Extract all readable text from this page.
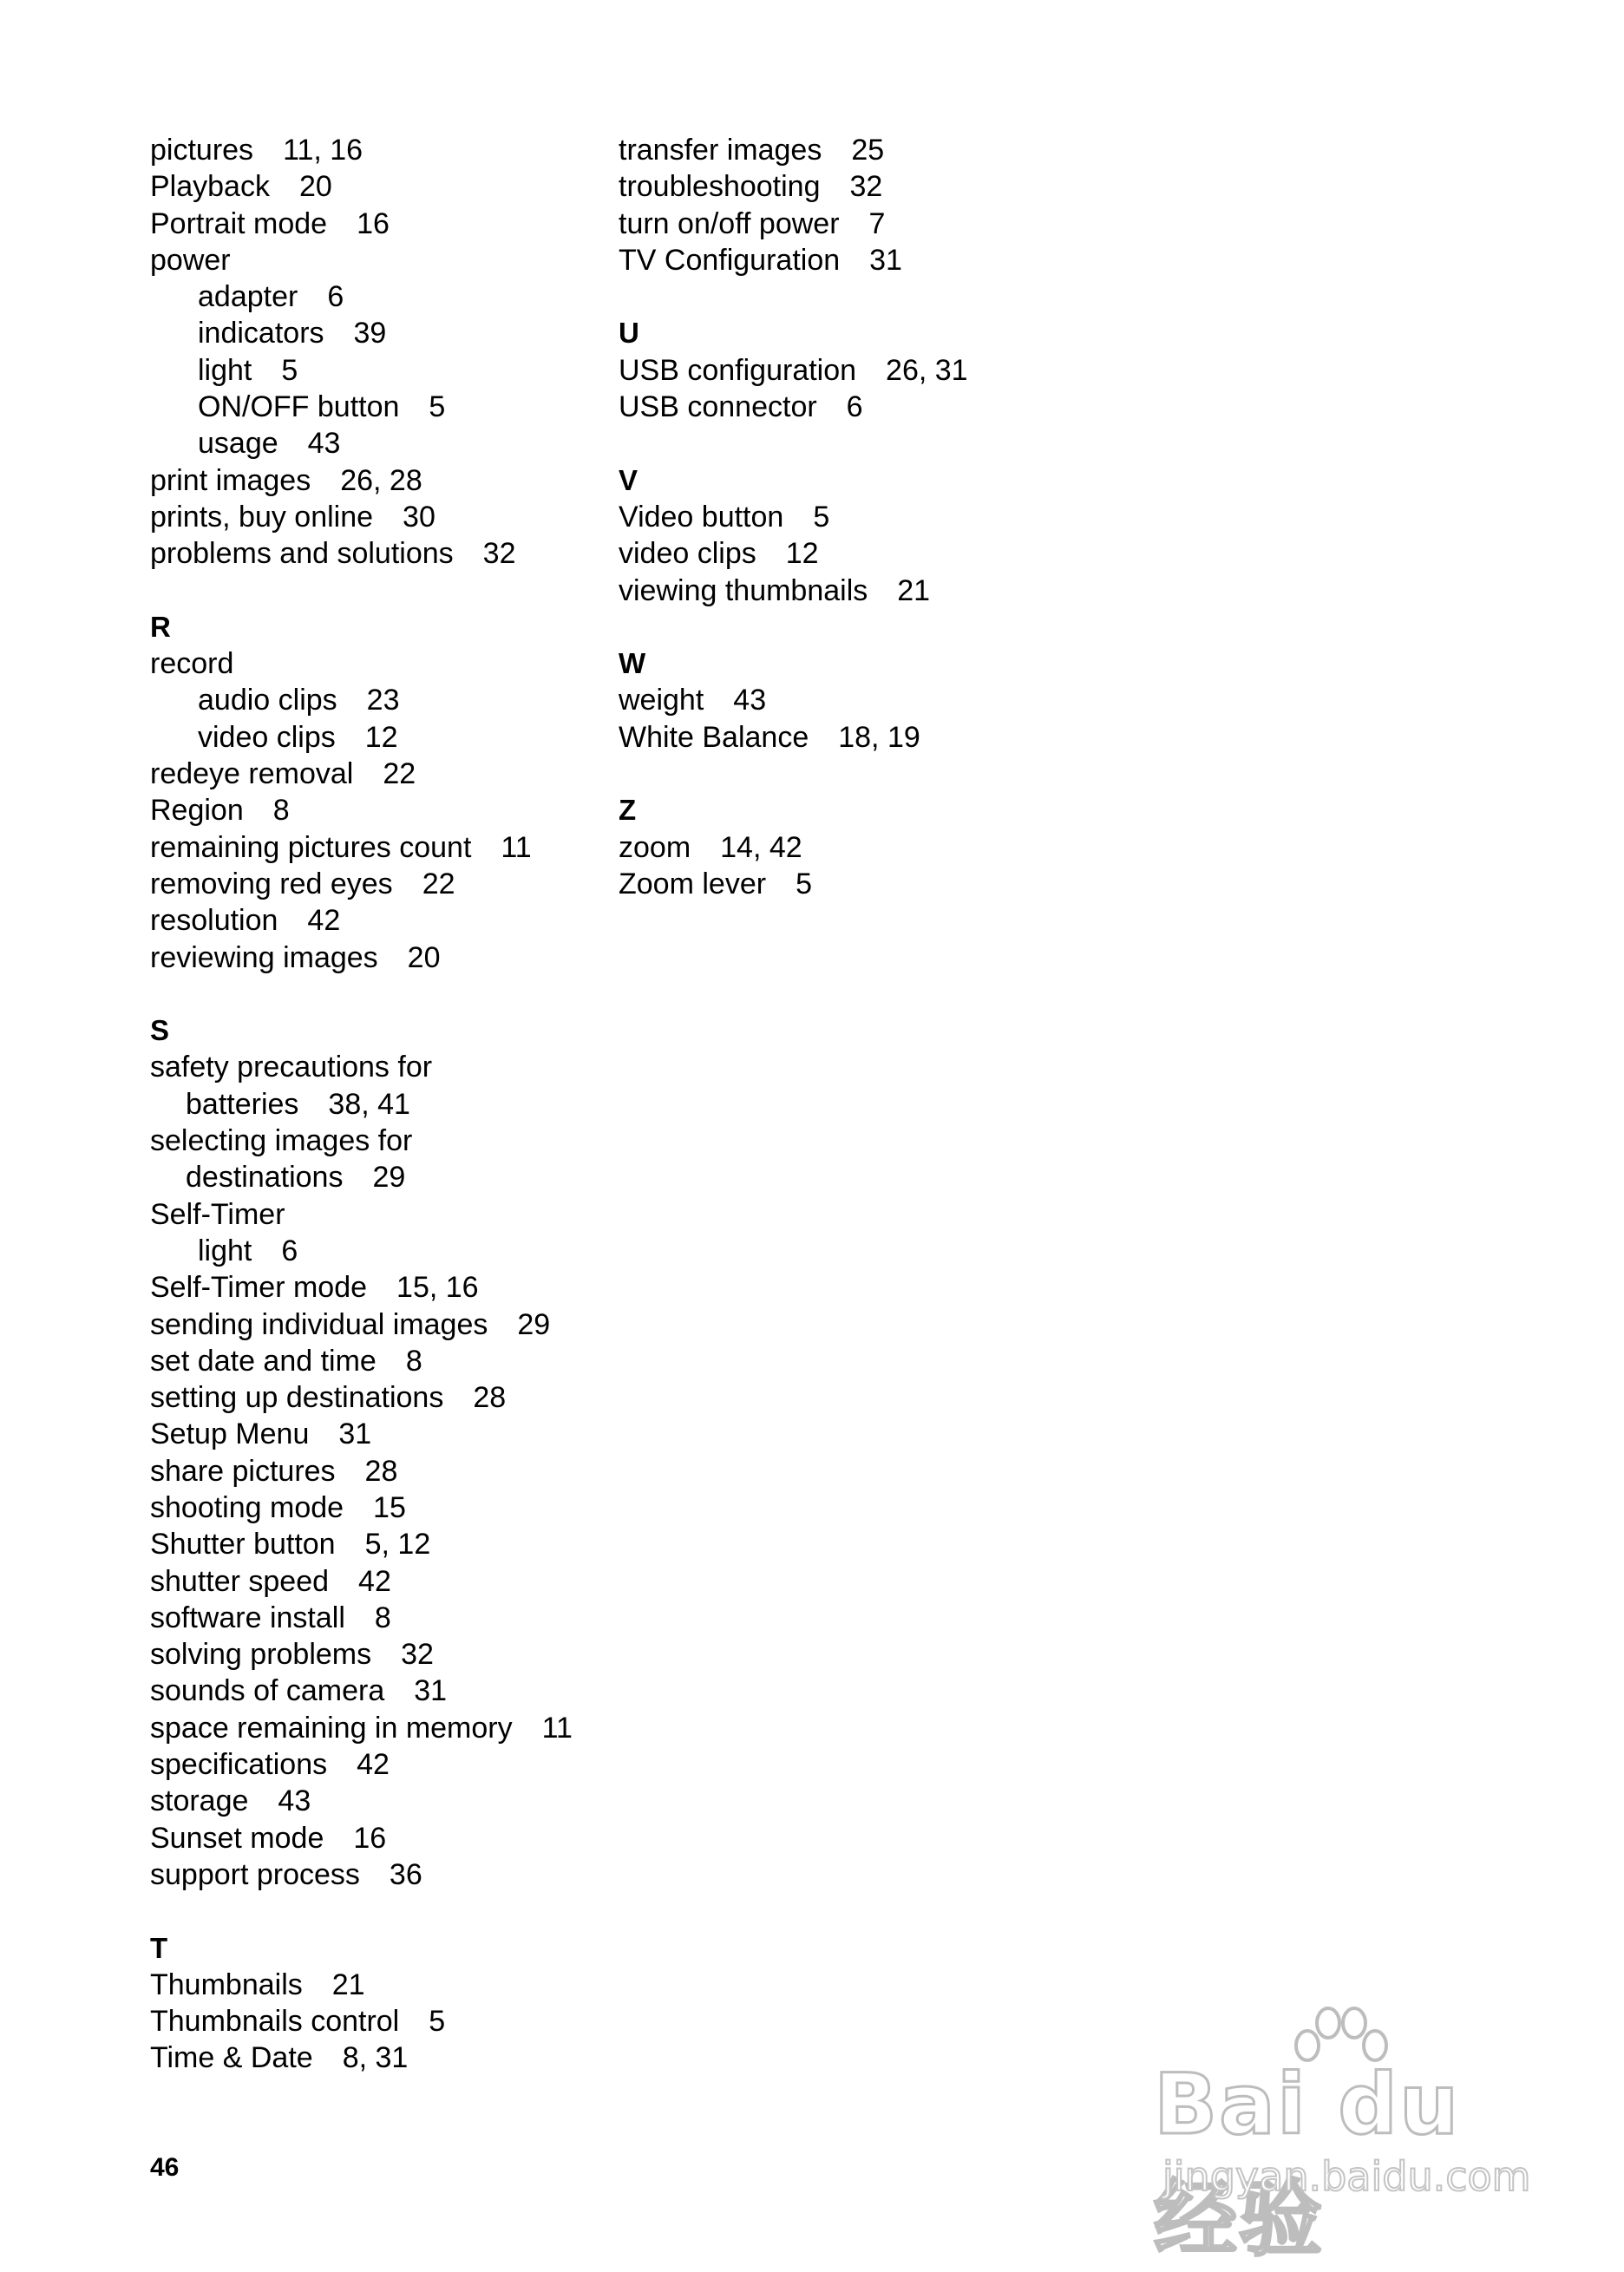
pictures 11, 16
Playback 20
Portrait mode 16
power
adapter 6
indicators 39
light 5
ON/OFF button 5
usage 43
print images 26, 28
prints, buy online 30
problems and solutions 32
R
record
audio clips 23
video clips 12
redeye removal 22
Region 8
remaining pictures count 11
removing red eyes 22
resolution 42
reviewing images 20
S
safety precautions for
batteries 38, 41
selecting images for
destinations 29
Self-Timer
light 6
Self-Timer mode 15, 16
sending individual images 29
set date and time 8
setting up destinations 28
Setup Menu 31
share pictures 28
shooting mode 15
Shutter button 5, 12
shutter speed 42
software install 8
solving problems 32
sounds of camera 31
space remaining in memory 11
specifications 42
storage 43
Sunset mode 16
support process 36
T
Thumbnails 21
Thumbnails control 5
Time & Date 8, 31
transfer images 25
troubleshooting 32
turn on/off power 7
TV Configuration 31
U
USB configuration 26, 31
USB connector 6
V
Video button 5
video clips 12
viewing thumbnails 21
W
weight 43
White Balance 18, 19
Z
zoom 14, 42
Zoom lever 5
46
Bai du 经验
jingyan.baidu.com
